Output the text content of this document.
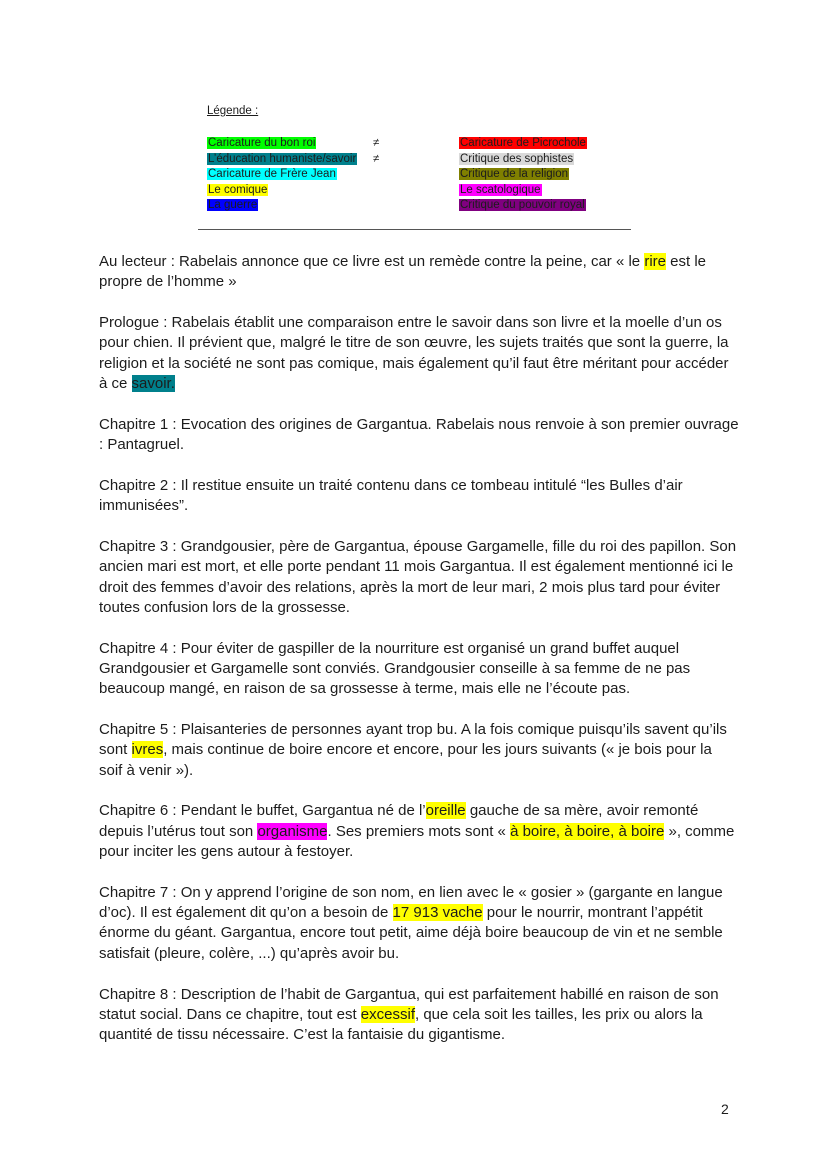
Légende :
Caricature du bon roi
L’éducation humaniste/savoir
Caricature de Frère Jean
Le comique
La guerre
≠
≠
Caricature de Picrochole
Critique des sophistes
Critique de la religion
Le scatologique
Critique du pouvoir royal

Au lecteur : Rabelais annonce que ce livre est un remède contre la peine, car « le rire est le propre de l’homme »

Prologue : Rabelais établit une comparaison entre le savoir dans son livre et la moelle d’un os pour chien. Il prévient que, malgré le titre de son œuvre, les sujets traités que sont la guerre, la religion et la société ne sont pas comique, mais également qu’il faut être méritant pour accéder à ce savoir.

Chapitre 1 : Evocation des origines de Gargantua. Rabelais nous renvoie à son premier ouvrage : Pantagruel.

Chapitre 2 : Il restitue ensuite un traité contenu dans ce tombeau intitulé “les Bulles d’air immunisées”.

Chapitre 3 : Grandgousier, père de Gargantua, épouse Gargamelle, fille du roi des papillon. Son ancien mari est mort, et elle porte pendant 11 mois Gargantua. Il est également mentionné ici le droit des femmes d’avoir des relations, après la mort de leur mari, 2 mois plus tard pour éviter toutes confusion lors de la grossesse.

Chapitre 4 : Pour éviter de gaspiller de la nourriture est organisé un grand buffet auquel Grandgousier et Gargamelle sont conviés. Grandgousier conseille à sa femme de ne pas beaucoup mangé, en raison de sa grossesse à terme, mais elle ne l’écoute pas.

Chapitre 5 : Plaisanteries de personnes ayant trop bu. A la fois comique puisqu’ils savent qu’ils sont ivres, mais continue de boire encore et encore, pour les jours suivants (« je bois pour la soif à venir »).

Chapitre 6 : Pendant le buffet, Gargantua né de l’oreille gauche de sa mère, avoir remonté depuis l’utérus tout son organisme. Ses premiers mots sont « à boire, à boire, à boire », comme pour inciter les gens autour à festoyer.

Chapitre 7 : On y apprend l’origine de son nom, en lien avec le « gosier » (gargante en langue d’oc). Il est également dit qu’on a besoin de 17 913 vache pour le nourrir, montrant l’appétit énorme du géant. Gargantua, encore tout petit, aime déjà boire beaucoup de vin et ne semble satisfait (pleure, colère, ...) qu’après avoir bu.

Chapitre 8 : Description de l’habit de Gargantua, qui est parfaitement habillé en raison de son statut social. Dans ce chapitre, tout est excessif, que cela soit les tailles, les prix ou alors la quantité de tissu nécessaire. C’est la fantaisie du gigantisme.

2
